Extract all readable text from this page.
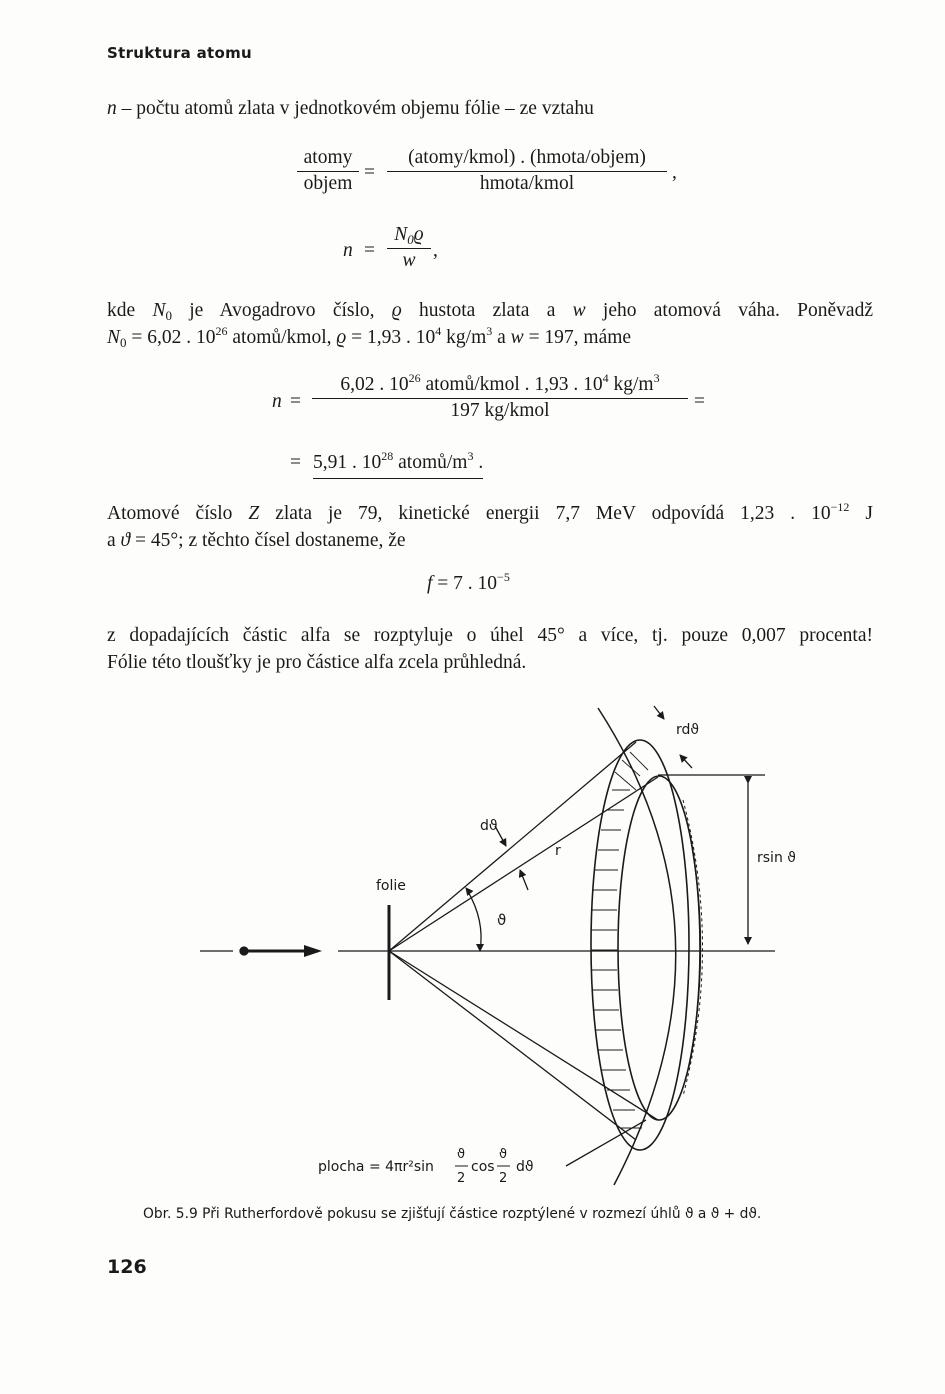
Struktura atomu
n – počtu atomů zlata v jednotkovém objemu fólie – ze vztahu
atomy
objem
=
(atomy/kmol) . (hmota/objem)
hmota/kmol
,
n =
$N_0ϱ$
w ,
kde $N_0$ je Avogadrovo číslo, ϱ hustota zlata a w jeho atomová váha. Poněvadž
$N_0 = 6,02$ . $10^{26}$ atomů/kmol, ϱ = 1,93 . $10^4$ $kg/m^3$ a w = 197, máme
n =
6,02 . $10^{26}$ atomů/kmol . 1,93 . $10^4$ $kg/m^3$
197 kg/kmol	=
= 5,91 . $10^{28}$ atomů/$m^3$ .
Atomové číslo Z zlata je 79, kinetické energii 7,7 MeV odpovídá 1,23 . $10^{-12}$ J
a ϑ = 45°; z těchto čísel dostaneme, že
f = 7 . $10^{-5}$
z dopadajících částic alfa se rozptyluje o úhel 45° a více, tj. pouze 0,007 procenta!
Fólie této tloušťky je pro částice alfa zcela průhledná.
folie
rdϑ
dϑ
r	rsin ϑ
ϑ
plocha = 4πr²sin
ϑ
2
cos
ϑ
2
dϑ
Obr. 5.9 Při Rutherfordově pokusu se zjišťují částice rozptýlené v rozmezí úhlů ϑ a ϑ + dϑ.
126
